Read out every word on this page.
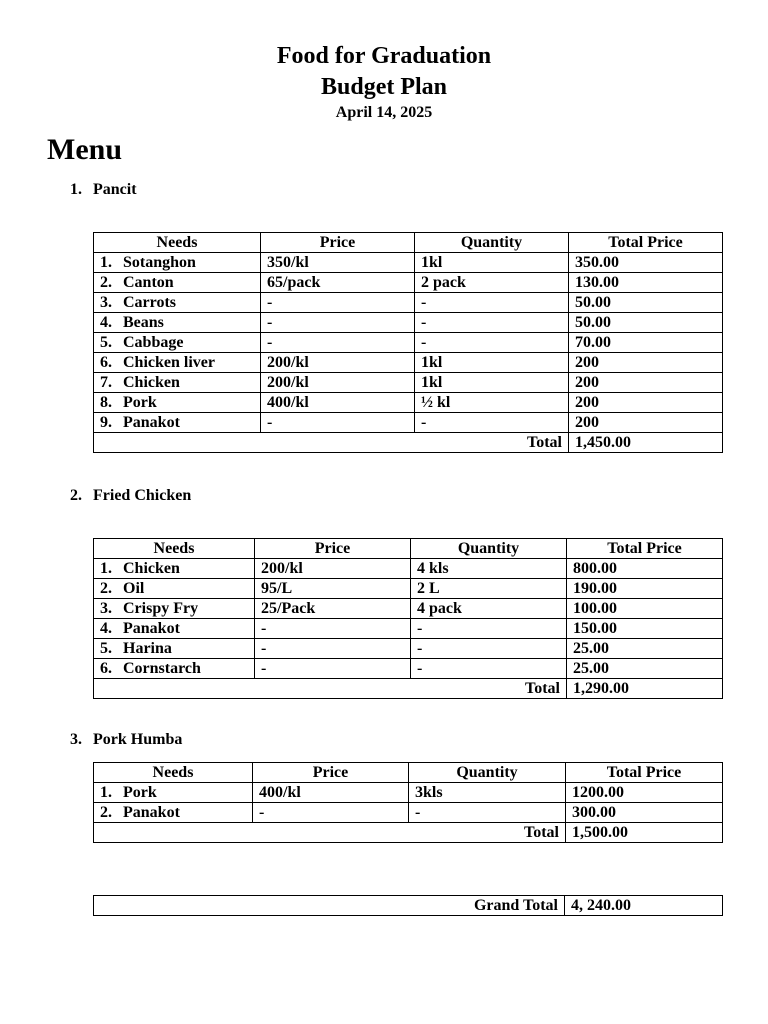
Food for Graduation
Budget Plan
April 14, 2025
Menu
1. Pancit
Needs	Price	Quantity	Total Price
1. Sotanghon	350/kl	1kl	350.00
2. Canton	65/pack	2 pack	130.00
3. Carrots	-	-	50.00
4. Beans	-	-	50.00
5. Cabbage	-	-	70.00
6. Chicken liver	200/kl	1kl	200
7. Chicken	200/kl	1kl	200
8. Pork	400/kl	½ kl	200
9. Panakot	-	-	200
Total			1,450.00
2. Fried Chicken
Needs	Price	Quantity	Total Price
1. Chicken	200/kl	4 kls	800.00
2. Oil	95/L	2 L	190.00
3. Crispy Fry	25/Pack	4 pack	100.00
4. Panakot	-	-	150.00
5. Harina	-	-	25.00
6. Cornstarch	-	-	25.00
Total			1,290.00
3. Pork Humba
Needs	Price	Quantity	Total Price
1. Pork	400/kl	3kls	1200.00
2. Panakot	-	-	300.00
Total			1,500.00
Grand Total	4, 240.00
